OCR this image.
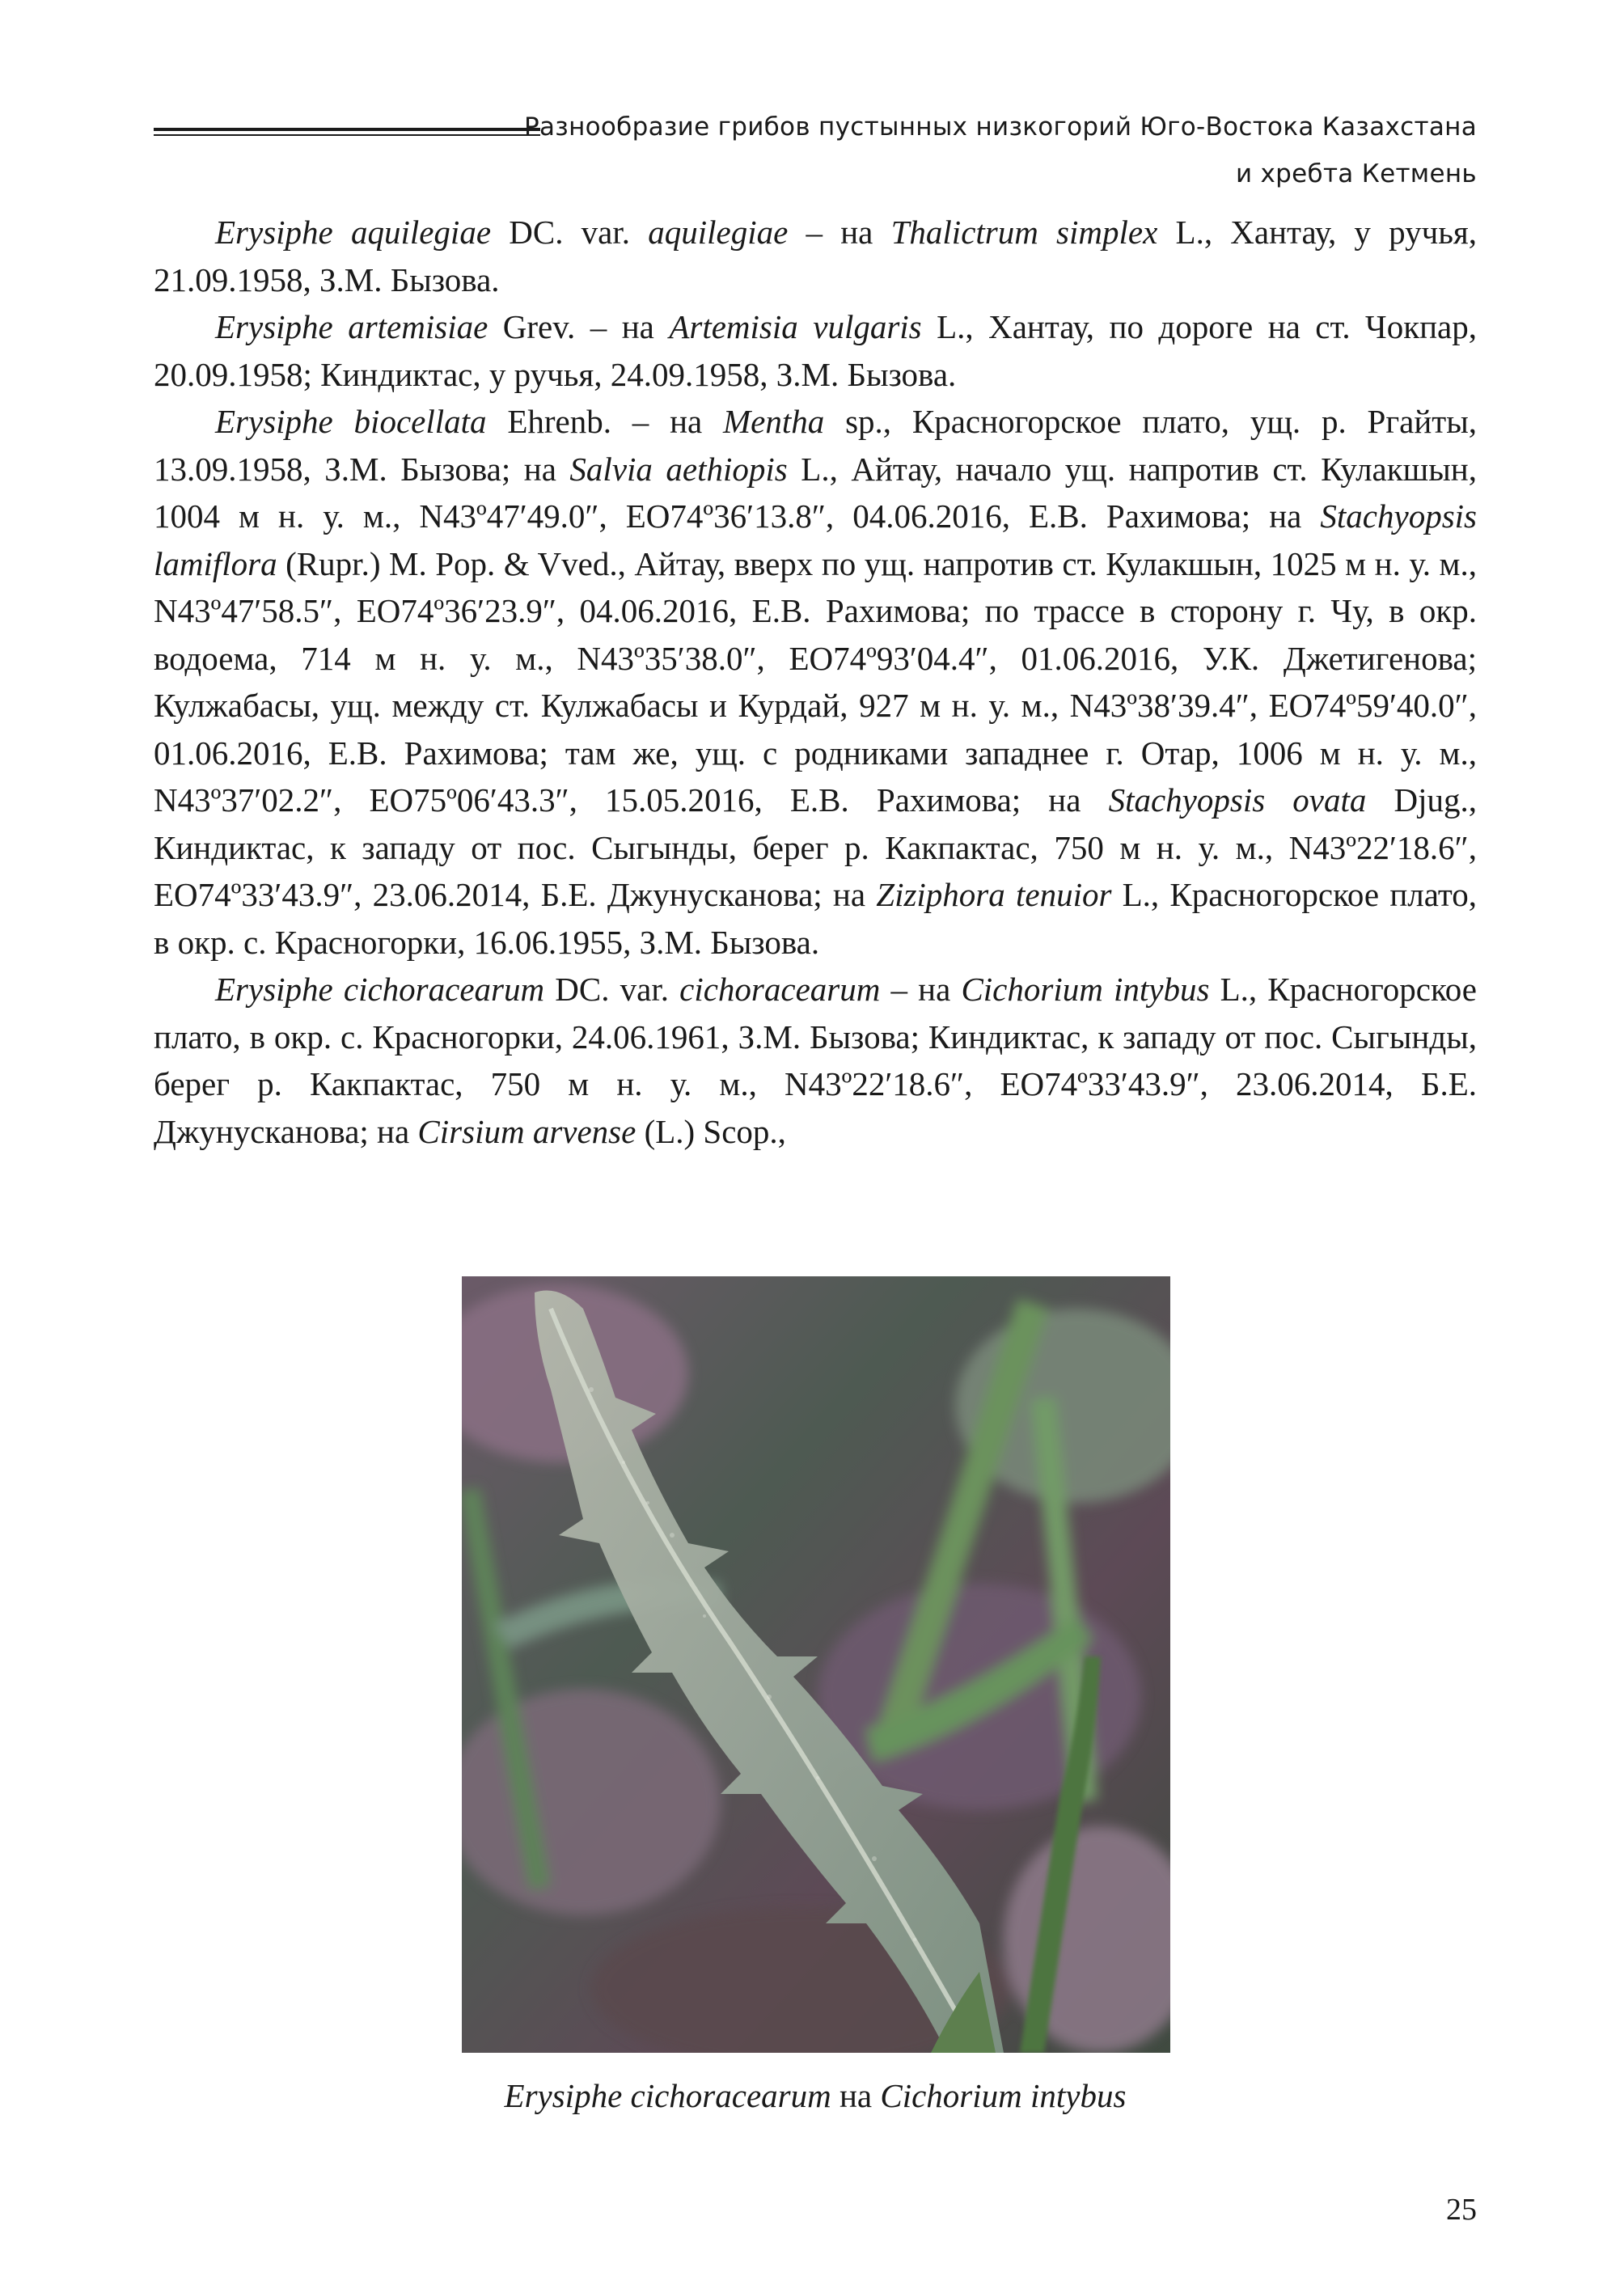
Разнообразие грибов пустынных низкогорий Юго-Востока Казахстана
и хребта Кетмень

Erysiphe aquilegiae DC. var. aquilegiae – на Thalictrum simplex L., Хантау, у ручья, 21.09.1958, З.М. Бызова.

Erysiphe artemisiae Grev. – на Artemisia vulgaris L., Хантау, по дороге на ст. Чокпар, 20.09.1958; Киндиктас, у ручья, 24.09.1958, З.М. Бызова.

Erysiphe biocellata Ehrenb. – на Mentha sp., Красногорское плато, ущ. р. Ргайты, 13.09.1958, З.М. Бызова; на Salvia aethiopis L., Айтау, начало ущ. напротив ст. Кулакшын, 1004 м н. у. м., N43º47′49.0″, EO74º36′13.8″, 04.06.2016, Е.В. Рахимова; на Stachyopsis lamiflora (Rupr.) M. Pop. & Vved., Айтау, вверх по ущ. напротив ст. Кулакшын, 1025 м н. у. м., N43º47′58.5″, EO74º36′23.9″, 04.06.2016, Е.В. Рахимова; по трассе в сторону г. Чу, в окр. водоема, 714 м н. у. м., N43º35′38.0″, EO74º93′04.4″, 01.06.2016, У.К. Джетигенова; Кулжабасы, ущ. между ст. Кулжабасы и Курдай, 927 м н. у. м., N43º38′39.4″, EO74º59′40.0″, 01.06.2016, Е.В. Рахимова; там же, ущ. с родниками западнее г. Отар, 1006 м н. у. м., N43º37′02.2″, EO75º06′43.3″, 15.05.2016, Е.В. Рахимова; на Stachyopsis ovata Djug., Киндиктас, к западу от пос. Сыгынды, берег р. Какпактас, 750 м н. у. м., N43º22′18.6″, EO74º33′43.9″, 23.06.2014, Б.Е. Джунусканова; на Ziziphora tenuior L., Красногорское плато, в окр. с. Красногорки, 16.06.1955, З.М. Бызова.

Erysiphe cichoracearum DC. var. cichoracearum – на Cichorium intybus L., Красногорское плато, в окр. с. Красногорки, 24.06.1961, З.М. Бызова; Киндиктас, к западу от пос. Сыгынды, берег р. Какпактас, 750 м н. у. м., N43º22′18.6″, EO74º33′43.9″, 23.06.2014, Б.Е. Джунусканова; на Cirsium arvense (L.) Scop.,

Erysiphe cichoracearum на Cichorium intybus
25
